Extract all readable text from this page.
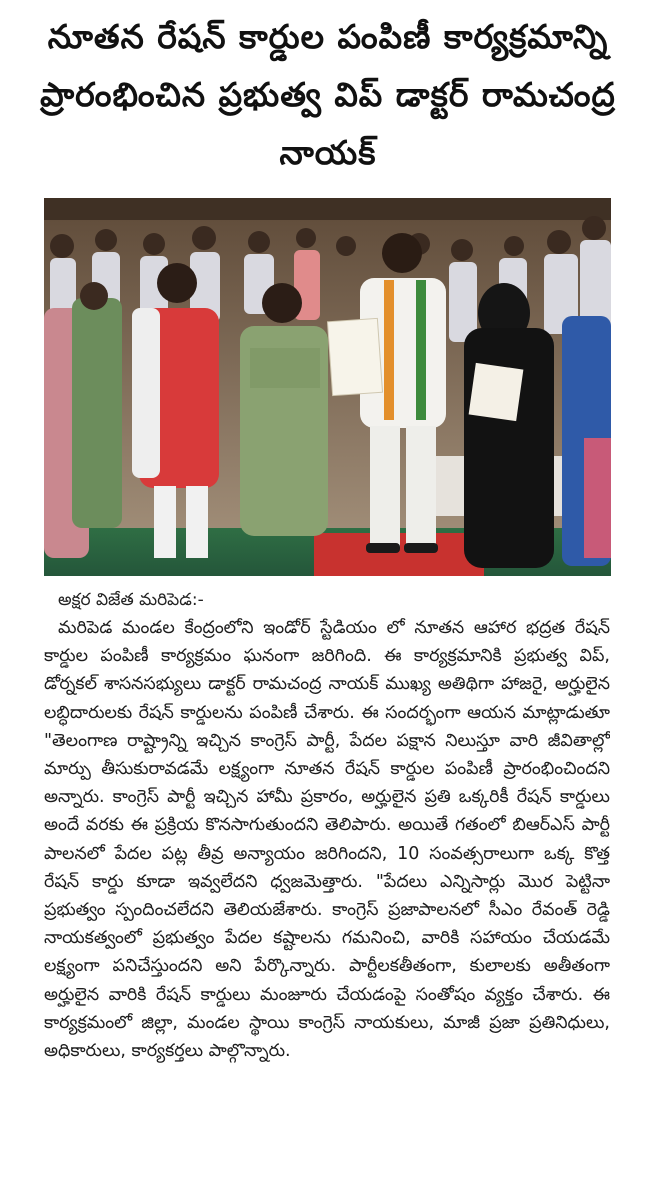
నూతన రేషన్ కార్డుల పంపిణీ కార్యక్రమాన్ని ప్రారంభించిన ప్రభుత్వ విప్ డాక్టర్ రామచంద్ర నాయక్
అక్షర విజేత మరిపెడ:-
మరిపెడ మండల కేంద్రంలోని ఇండోర్ స్టేడియం లో నూతన ఆహార భద్రత రేషన్ కార్డుల పంపిణీ కార్యక్రమం ఘనంగా జరిగింది. ఈ కార్యక్రమానికి ప్రభుత్వ విప్, డోర్నకల్ శాసనసభ్యులు డాక్టర్ రామచంద్ర నాయక్ ముఖ్య అతిథిగా హాజరై, అర్హులైన లబ్ధిదారులకు రేషన్ కార్డులను పంపిణీ చేశారు. ఈ సందర్భంగా ఆయన మాట్లాడుతూ "తెలంగాణ రాష్ట్రాన్ని ఇచ్చిన కాంగ్రెస్ పార్టీ, పేదల పక్షాన నిలుస్తూ వారి జీవితాల్లో మార్పు తీసుకురావడమే లక్ష్యంగా నూతన రేషన్ కార్డుల పంపిణీ ప్రారంభించిందని అన్నారు. కాంగ్రెస్ పార్టీ ఇచ్చిన హామీ ప్రకారం, అర్హులైన ప్రతి ఒక్కరికీ రేషన్ కార్డులు అందే వరకు ఈ ప్రక్రియ కొనసాగుతుందని తెలిపారు. అయితే గతంలో బిఆర్ఎస్ పార్టీ పాలనలో పేదల పట్ల తీవ్ర అన్యాయం జరిగిందని, 10 సంవత్సరాలుగా ఒక్క కొత్త రేషన్ కార్డు కూడా ఇవ్వలేదని ధ్వజమెత్తారు. "పేదలు ఎన్నిసార్లు మొర పెట్టినా ప్రభుత్వం స్పందించలేదని తెలియజేశారు. కాంగ్రెస్ ప్రజాపాలనలో సీఎం రేవంత్ రెడ్డి నాయకత్వంలో ప్రభుత్వం పేదల కష్టాలను గమనించి, వారికి సహాయం చేయడమే లక్ష్యంగా పనిచేస్తుందని అని పేర్కొన్నారు. పార్టీలకతీతంగా, కులాలకు అతీతంగా అర్హులైన వారికి రేషన్ కార్డులు మంజూరు చేయడంపై సంతోషం వ్యక్తం చేశారు. ఈ కార్యక్రమంలో జిల్లా, మండల స్థాయి కాంగ్రెస్ నాయకులు, మాజీ ప్రజా ప్రతినిధులు, అధికారులు, కార్యకర్తలు పాల్గొన్నారు.
